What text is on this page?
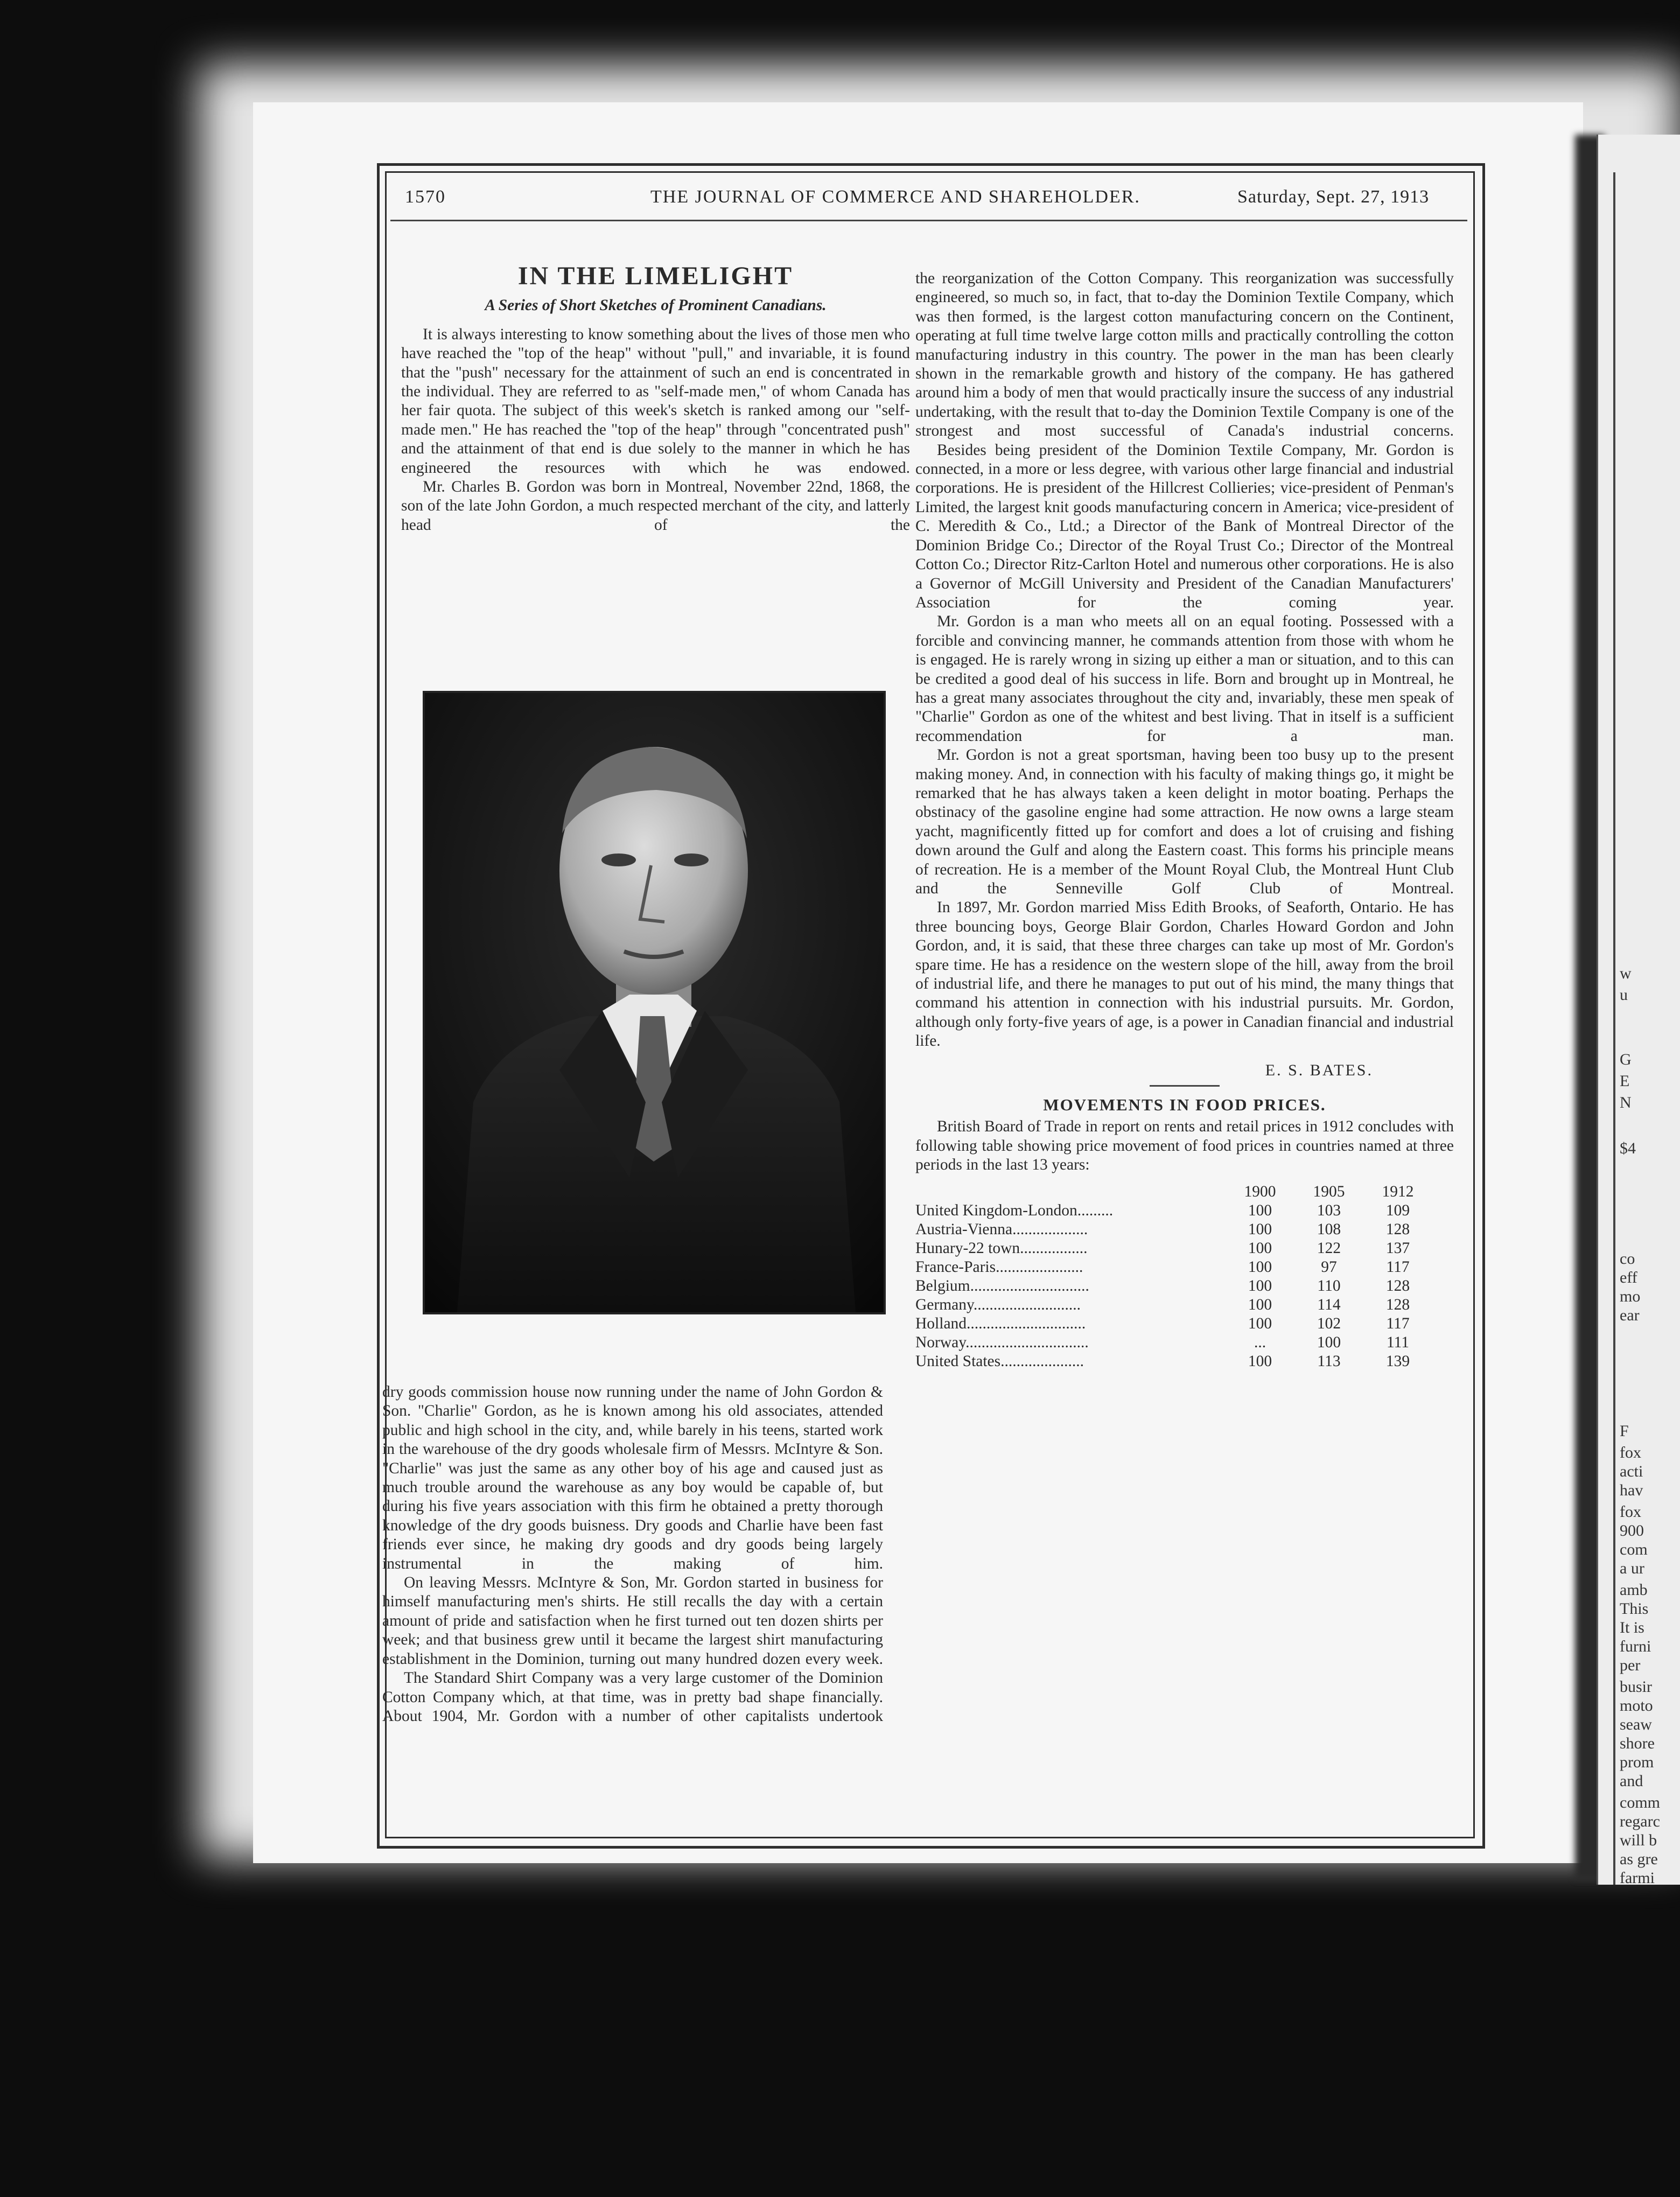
w
u
G
E
N
$4
co
eff
mo
ear
F
fox
acti
hav
fox
900
com
a ur
amb
This
It is
furni
per
busir
moto
seaw
shore
prom
and
comm
regarc
will b
as gre
farmi
1570	THE JOURNAL OF COMMERCE AND SHAREHOLDER.	Saturday, Sept. 27, 1913
IN THE LIMELIGHT
A Series of Short Sketches of Prominent Canadians.

It is always interesting to know something about the lives of those men who have reached the "top of the heap" without "pull," and invariable, it is found that the "push" necessary for the attainment of such an end is concentrated in the individual. They are referred to as "self-made men," of whom Canada has her fair quota. The subject of this week's sketch is ranked among our "self-made men." He has reached the "top of the heap" through "concentrated push" and the attainment of that end is due solely to the manner in which he has engineered the resources with which he was endowed.

Mr. Charles B. Gordon was born in Montreal, November 22nd, 1868, the son of the late John Gordon, a much respected merchant of the city, and latterly head of the

dry goods commission house now running under the name of John Gordon & Son. "Charlie" Gordon, as he is known among his old associates, attended public and high school in the city, and, while barely in his teens, started work in the warehouse of the dry goods wholesale firm of Messrs. McIntyre & Son. "Charlie" was just the same as any other boy of his age and caused just as much trouble around the warehouse as any boy would be capable of, but during his five years association with this firm he obtained a pretty thorough knowledge of the dry goods buisness. Dry goods and Charlie have been fast friends ever since, he making dry goods and dry goods being largely instrumental in the making of him.

On leaving Messrs. McIntyre & Son, Mr. Gordon started in business for himself manufacturing men's shirts. He still recalls the day with a certain amount of pride and satisfaction when he first turned out ten dozen shirts per week; and that business grew until it became the largest shirt manufacturing establishment in the Dominion, turning out many hundred dozen every week.

The Standard Shirt Company was a very large customer of the Dominion Cotton Company which, at that time, was in pretty bad shape financially. About 1904, Mr. Gordon with a number of other capitalists undertook

the reorganization of the Cotton Company. This reorganization was successfully engineered, so much so, in fact, that to-day the Dominion Textile Company, which was then formed, is the largest cotton manufacturing concern on the Continent, operating at full time twelve large cotton mills and practically controlling the cotton manufacturing industry in this country. The power in the man has been clearly shown in the remarkable growth and history of the company. He has gathered around him a body of men that would practically insure the success of any industrial undertaking, with the result that to-day the Dominion Textile Company is one of the strongest and most successful of Canada's industrial concerns.

Besides being president of the Dominion Textile Company, Mr. Gordon is connected, in a more or less degree, with various other large financial and industrial corporations. He is president of the Hillcrest Collieries; vice-president of Penman's Limited, the largest knit goods manufacturing concern in America; vice-president of C. Meredith & Co., Ltd.; a Director of the Bank of Montreal Director of the Dominion Bridge Co.; Director of the Royal Trust Co.; Director of the Montreal Cotton Co.; Director Ritz-Carlton Hotel and numerous other corporations. He is also a Governor of McGill University and President of the Canadian Manufacturers' Association for the coming year.

Mr. Gordon is a man who meets all on an equal footing. Possessed with a forcible and convincing manner, he commands attention from those with whom he is engaged. He is rarely wrong in sizing up either a man or situation, and to this can be credited a good deal of his success in life. Born and brought up in Montreal, he has a great many associates throughout the city and, invariably, these men speak of "Charlie" Gordon as one of the whitest and best living. That in itself is a sufficient recommendation for a man.

Mr. Gordon is not a great sportsman, having been too busy up to the present making money. And, in connection with his faculty of making things go, it might be remarked that he has always taken a keen delight in motor boating. Perhaps the obstinacy of the gasoline engine had some attraction. He now owns a large steam yacht, magnificently fitted up for comfort and does a lot of cruising and fishing down around the Gulf and along the Eastern coast. This forms his principle means of recreation. He is a member of the Mount Royal Club, the Montreal Hunt Club and the Senneville Golf Club of Montreal.

In 1897, Mr. Gordon married Miss Edith Brooks, of Seaforth, Ontario. He has three bouncing boys, George Blair Gordon, Charles Howard Gordon and John Gordon, and, it is said, that these three charges can take up most of Mr. Gordon's spare time. He has a residence on the western slope of the hill, away from the broil of industrial life, and there he manages to put out of his mind, the many things that command his attention in connection with his industrial pursuits. Mr. Gordon, although only forty-five years of age, is a power in Canadian financial and industrial life.

E. S. BATES.
MOVEMENTS IN FOOD PRICES.

British Board of Trade in report on rents and retail prices in 1912 concludes with following table showing price movement of food prices in countries named at three periods in the last 13 years:

	1900	1905	1912
United Kingdom-London.........	100	103	109
Austria-Vienna...................	100	108	128
Hunary-22 town.................	100	122	137
France-Paris......................	100	97	117
Belgium..............................	100	110	128
Germany...........................	100	114	128
Holland..............................	100	102	117
Norway...............................	...	100	111
United States.....................	100	113	139
